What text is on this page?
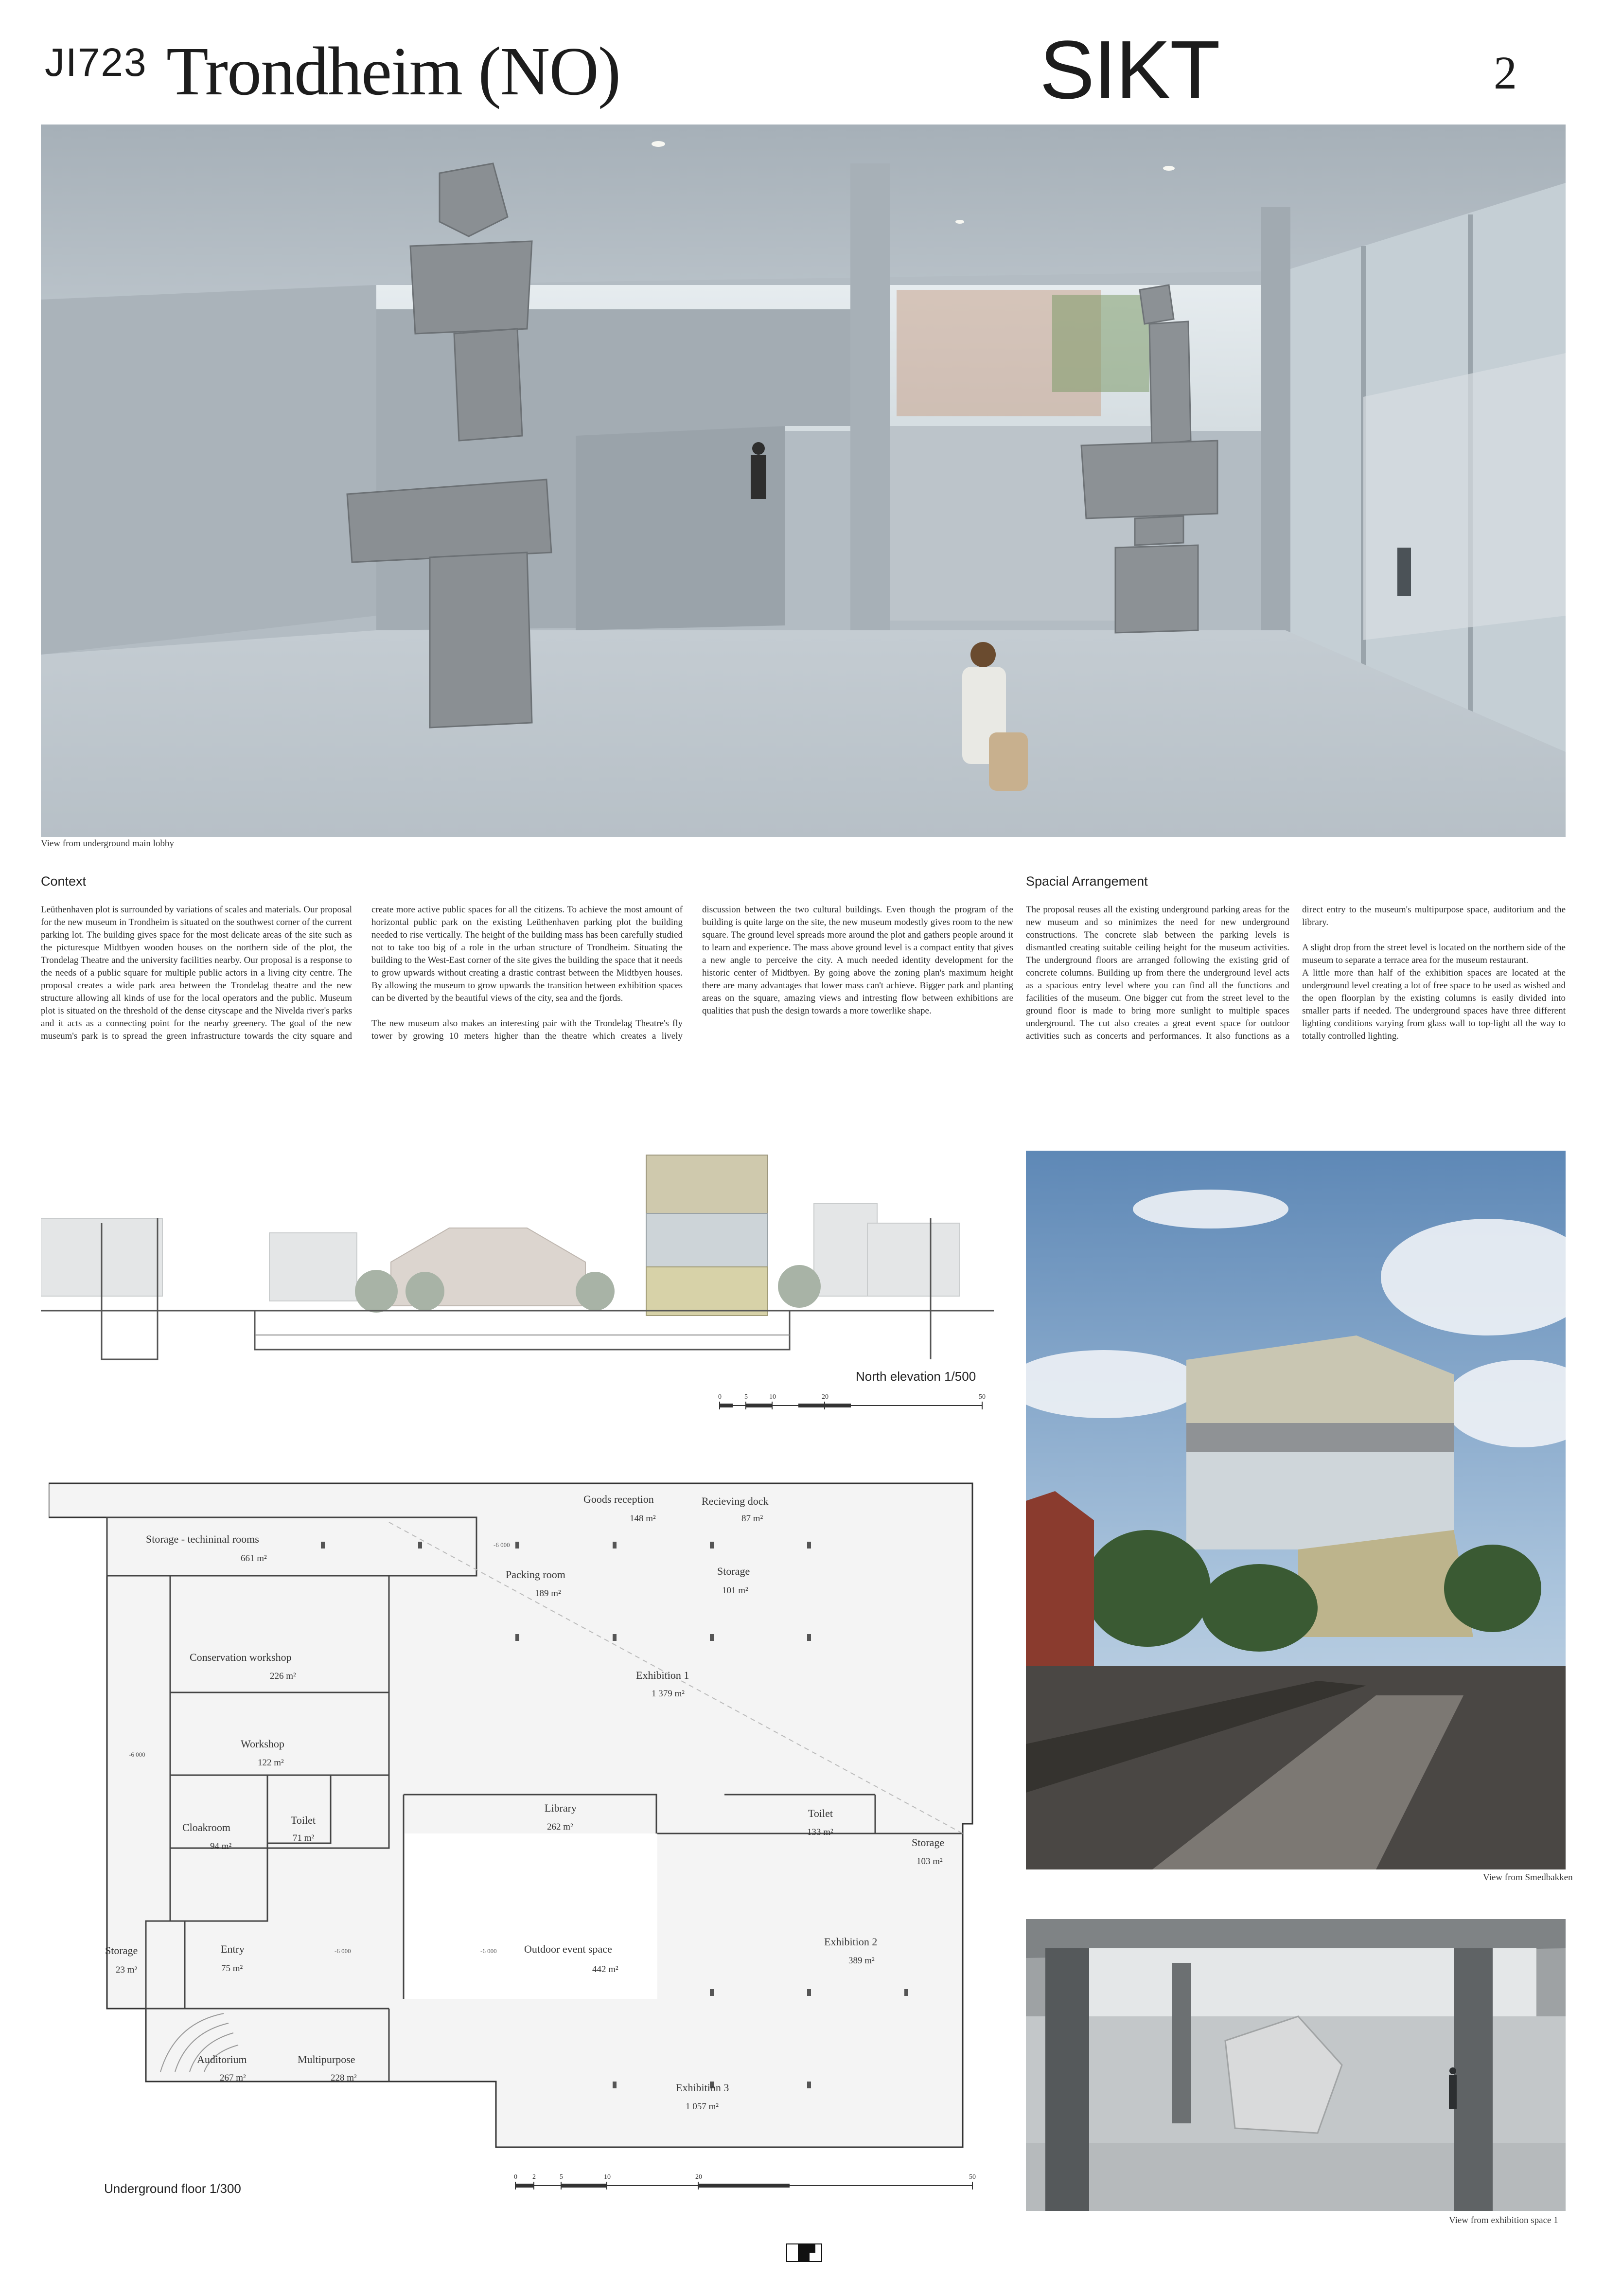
JI723 Trondheim (NO)	SIKT	2
View from underground main lobby
Context

Leüthenhaven plot is surrounded by variations of scales and materials. Our proposal for the new museum in Trondheim is situated on the southwest corner of the current parking lot. The building gives space for the most delicate areas of the site such as the picturesque Midtbyen wooden houses on the northern side of the plot, the Trondelag Theatre and the university facilities nearby. Our proposal is a response to the needs of a public square for multiple public actors in a living city centre. The proposal creates a wide park area between the Trondelag theatre and the new structure allowing all kinds of use for the local operators and the public. Museum plot is situated on the threshold of the dense cityscape and the Nivelda river's parks and it acts as a connecting point for the nearby greenery. The goal of the new museum's park is to spread the green infrastructure towards the city square and create more active public spaces for all the citizens. To achieve the most amount of horizontal public park on the existing Leüthenhaven parking plot the building needed to rise vertically. The height of the building mass has been carefully studied not to take too big of a role in the urban structure of Trondheim. Situating the building to the West-East corner of the site gives the building the space that it needs to grow upwards without creating a drastic contrast between the Midtbyen houses. By allowing the museum to grow upwards the transition between exhibition spaces can be diverted by the beautiful views of the city, sea and the fjords.

The new museum also makes an interesting pair with the Trondelag Theatre's fly tower by growing 10 meters higher than the theatre which creates a lively discussion between the two cultural buildings. Even though the program of the building is quite large on the site, the new museum modestly gives room to the new square. The ground level spreads more around the plot and gathers people around it to learn and experience. The mass above ground level is a compact entity that gives a new angle to perceive the city. A much needed identity development for the historic center of Midtbyen. By going above the zoning plan's maximum height there are many advantages that lower mass can't achieve. Bigger park and planting areas on the square, amazing views and intresting flow between exhibitions are qualities that push the design towards a more towerlike shape.

Spacial Arrangement

The proposal reuses all the existing underground parking areas for the new museum and so minimizes the need for new underground constructions. The concrete slab between the parking levels is dismantled creating suitable ceiling height for the museum activities. The underground floors are arranged following the existing grid of concrete columns. Building up from there the underground level acts as a spacious entry level where you can find all the functions and facilities of the museum. One bigger cut from the street level to the ground floor is made to bring more sunlight to multiple spaces underground. The cut also creates a great event space for outdoor activities such as concerts and performances. It also functions as a direct entry to the museum's multipurpose space, auditorium and the library.

A slight drop from the street level is located on the northern side of the museum to separate a terrace area for the museum restaurant.

A little more than half of the exhibition spaces are located at the underground level creating a lot of free space to be used as wished and the open floorplan by the existing columns is easily divided into smaller parts if needed. The underground spaces have three different lighting conditions varying from glass wall to top-light all the way to totally controlled lighting.

North elevation 1/500
0	5	10	20	50
View from Smedbakken
View from exhibition space 1
Goods reception
148 m²
Recieving dock
87 m²
Storage - techininal rooms
661 m²
Packing room
189 m²
Storage
101 m²
Conservation workshop
226 m²	Exhibition 1
1 379 m²
Workshop
122 m²
Cloakroom
94 m²
Toilet
71 m²
Library
262 m²
Toilet
133 m²
Storage
103 m²
Storage
23 m²
Entry
75 m²
Outdoor event space
442 m²
Exhibition 2
389 m²
Auditorium
267 m²
Multipurpose
228 m²
Exhibition 3
1 057 m²
-6 000
-6 000
-6 000	-6 000
Underground floor 1/300
0 2	5	10	20	50
